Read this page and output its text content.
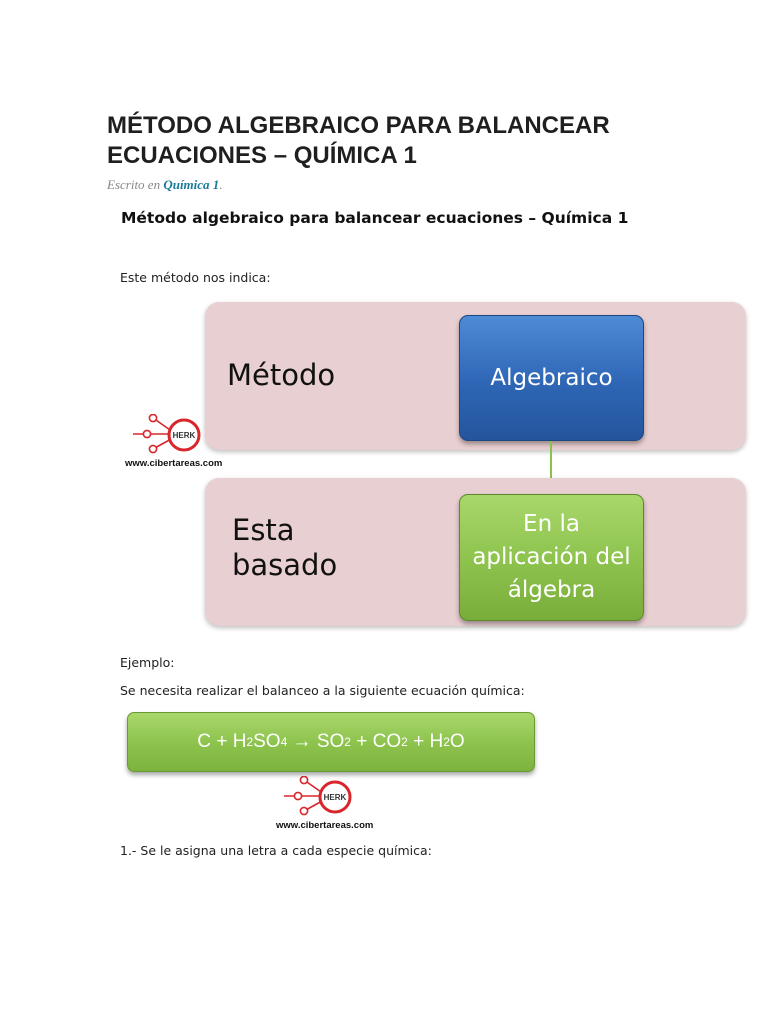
MÉTODO ALGEBRAICO PARA BALANCEAR ECUACIONES – QUÍMICA 1
Escrito en Química 1.
Método algebraico para balancear ecuaciones – Química 1

Este método nos indica:

Método	Algebraico
Esta
basado
En la
aplicación del
álgebra
HERK
www.cibertareas.com

Ejemplo:

Se necesita realizar el balanceo a la siguiente ecuación química:

C
+
H 2 SO 4
→
SO 2
+
CO 2
+
H 2 O
HERK
www.cibertareas.com

1.- Se le asigna una letra a cada especie química:
